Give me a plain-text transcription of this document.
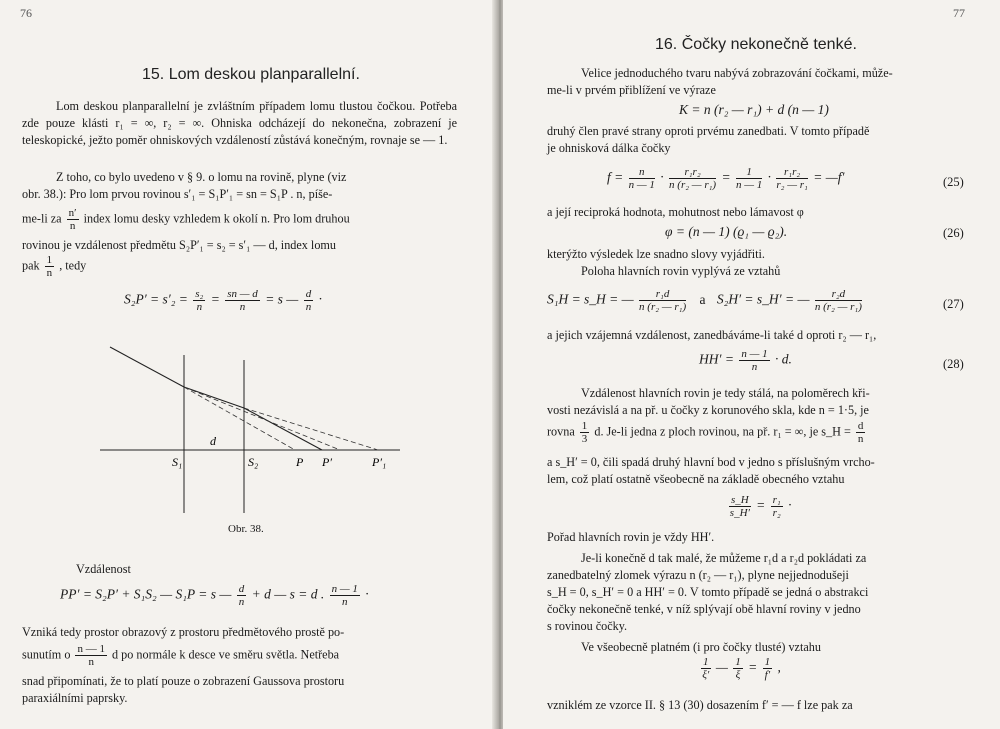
76
15. Lom deskou planparallelní.
Lom deskou planparallelní je zvláštním případem lomu tlustou čočkou. Potřeba zde pouze klásti r₁ = ∞, r₂ = ∞. Ohniska odcházejí do nekonečna, zobrazení je teleskopické, ježto poměr ohniskových vzdáleností zůstává konečným, rovnaje se — 1.
Z toho, co bylo uvedeno v § 9. o lomu na rovině, plyne (viz
obr. 38.): Pro lom prvou rovinou s′₁ = S₁P′₁ = sn = S₁P . n, píše-
me-li za $\frac{n'}{n}$ index lomu desky vzhledem k okolí n. Pro lom druhou
rovinou je vzdálenost předmětu S₂P′₁ = s₂ = s′₁ — d, index lomu
pak $\frac{1}{n}$ , tedy
$S_2P' = s'_2 = \frac{\text{s₂}}{n} = \frac{sn — d}{n} = s$ — $\frac{d}{n}$ ·
S₁	S₂	P P′	P′₁
d
Obr. 38.
Vzdálenost
PP′ = S₂P′ + S₁S₂ — S₁P = s — $\frac{d}{n} + d$ — s = d . $\frac{n — 1}{n}$ ·
Vzniká tedy prostor obrazový z prostoru předmětového prostě po-
sunutím o $\frac{n — 1}{n}$ d po normále k desce ve směru světla. Netřeba
snad připomínati, že to platí pouze o zobrazení Gaussova prostoru
paraxiálními paprsky.
77
16. Čočky nekonečně tenké.
Velice jednoduchého tvaru nabývá zobrazování čočkami, může-
me-li v prvém přiblížení ve výraze
K = n (r₂ — r₁) + d (n — 1)
druhý člen pravé strany oproti prvému zanedbati. V tomto případě
je ohnisková dálka čočky
$f = \frac{n}{n — 1} \cdot \frac{\text{r₁r₂}}{\text{n (r₂ — r₁)}} = \frac{1}{n — 1} \cdot \frac{\text{r₁r₂}}{\text{r₂ — r₁}}$ = —f′	(25)
a její reciproká hodnota, mohutnost nebo lámavost φ
φ = (n — 1) (ϱ₁ — ϱ₂).	(26)
kterýžto výsledek lze snadno slovy vyjádřiti.
Poloha hlavních rovin vyplývá ze vztahů
S₁H = s_H = — $\frac{\text{r₁d}}{\text{n (r₂ — r₁)}}$ a S₂H′ = s_H′ = — $\frac{\text{r₂d}}{\text{n (r₂ — r₁)}}$	(27)
a jejich vzájemná vzdálenost, zanedbáváme-li také d oproti r₂ — r₁,
$HH' = \frac{n — 1}{n} \cdot d$.	(28)
Vzdálenost hlavních rovin je tedy stálá, na poloměrech kři-
vosti nezávislá a na př. u čočky z korunového skla, kde n = 1·5, je
rovna $\frac{1}{3} d$. Je-li jedna z ploch rovinou, na př. r₁ = ∞, je s_H = $\frac{d}{n}$
a s_H′ = 0, čili spadá druhý hlavní bod v jedno s příslušným vrcho-
lem, což platí ostatně všeobecně na základě obecného vztahu
$\frac{s\_H}{s\_H'} = \frac{\text{r₁}}{\text{r₂}}$ ·
Pořad hlavních rovin je vždy HH′.
Je-li konečně d tak malé, že můžeme r₁d a r₂d pokládati za
zanedbatelný zlomek výrazu n (r₂ — r₁), plyne nejjednodušeji
s_H = 0, s_H′ = 0 a HH′ = 0. V tomto případě se jedná o abstrakci
čočky nekonečně tenké, v níž splývají obě hlavní roviny v jedno
s rovinou čočky.
Ve všeobecně platném (i pro čočky tlusté) vztahu
$\frac{1}{\xi'}$ — $\frac{1}{\xi} = \frac{1}{f'}$ ,
vzniklém ze vzorce II. § 13 (30) dosazením f′ = — f lze pak za
